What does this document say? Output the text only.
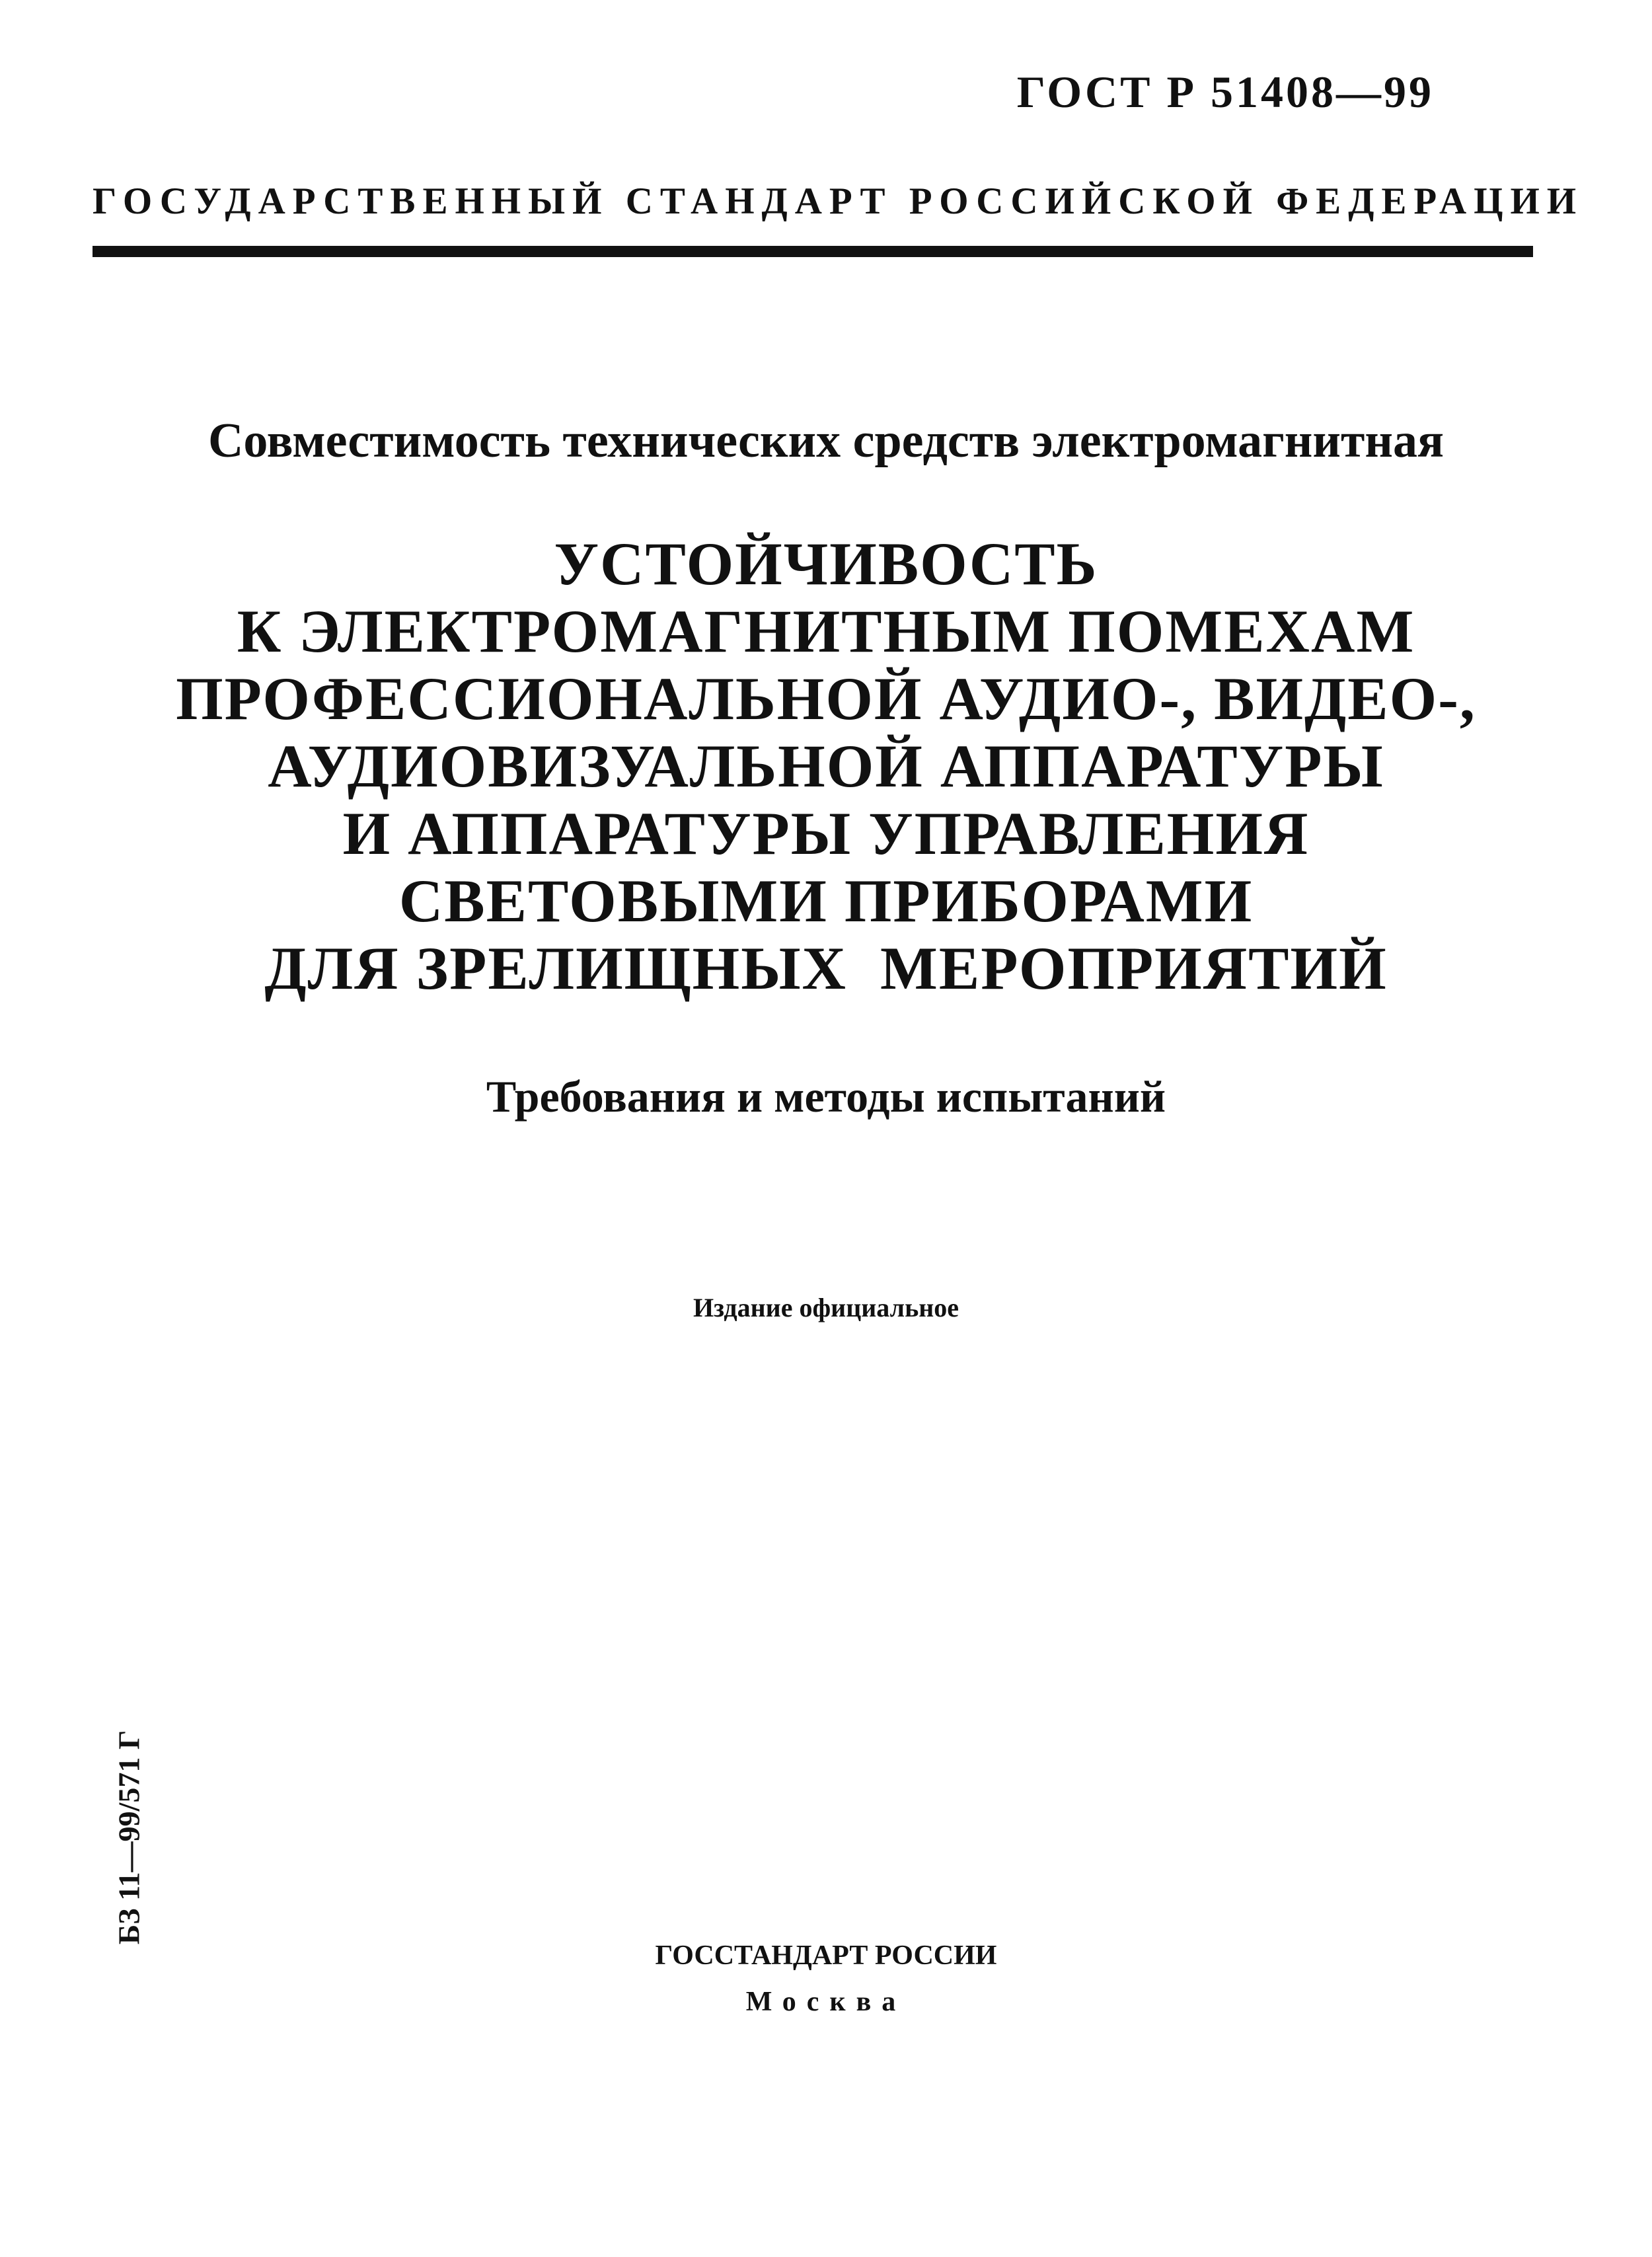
ГОСТ Р 51408—99
ГОСУДАРСТВЕННЫЙ СТАНДАРТ РОССИЙСКОЙ ФЕДЕРАЦИИ
Совместимость технических средств электромагнитная
УСТОЙЧИВОСТЬ
К ЭЛЕКТРОМАГНИТНЫМ ПОМЕХАМ
ПРОФЕССИОНАЛЬНОЙ АУДИО-, ВИДЕО-,
АУДИОВИЗУАЛЬНОЙ АППАРАТУРЫ
И АППАРАТУРЫ УПРАВЛЕНИЯ
СВЕТОВЫМИ ПРИБОРАМИ
ДЛЯ ЗРЕЛИЩНЫХ  МЕРОПРИЯТИЙ
Требования и методы испытаний
Издание официальное
БЗ 11—99/571 Г
ГОССТАНДАРТ РОССИИ
Москва
